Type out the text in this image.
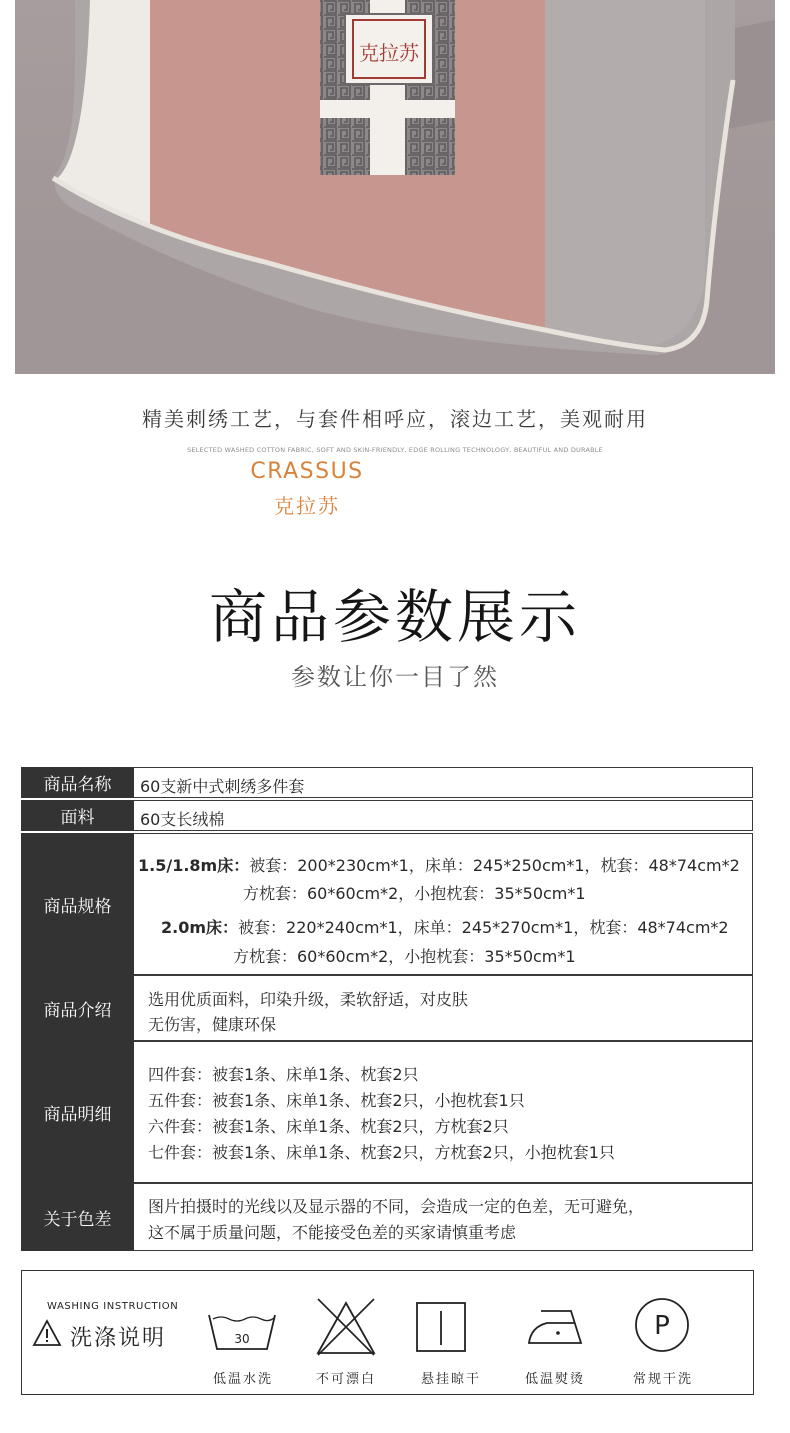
克拉苏
精美刺绣工艺，与套件相呼应，滚边工艺，美观耐用
SELECTED WASHED COTTON FABRIC, SOFT AND SKIN-FRIENDLY, EDGE ROLLING TECHNOLOGY, BEAUTIFUL AND DURABLE
CRASSUS
克拉苏
商品参数展示
参数让你一目了然
商品名称	60支新中式刺绣多件套
面料	60支长绒棉
商品规格
1.5/1.8m床：被套：200*230cm*1，床单：245*250cm*1，枕套：48*74cm*2
方枕套：60*60cm*2，小抱枕套：35*50cm*1
2.0m床：被套：220*240cm*1，床单：245*270cm*1，枕套：48*74cm*2
方枕套：60*60cm*2，小抱枕套：35*50cm*1
商品介绍
选用优质面料，印染升级，柔软舒适，对皮肤
无伤害，健康环保
商品明细
四件套：被套1条、床单1条、枕套2只
五件套：被套1条、床单1条、枕套2只，小抱枕套1只
六件套：被套1条、床单1条、枕套2只，方枕套2只
七件套：被套1条、床单1条、枕套2只，方枕套2只，小抱枕套1只
关于色差
图片拍摄时的光线以及显示器的不同，会造成一定的色差，无可避免，
这不属于质量问题，不能接受色差的买家请慎重考虑
WASHING INSTRUCTION
洗涤说明	30
低温水洗	不可漂白	悬挂晾干	低温熨烫
P
常规干洗
